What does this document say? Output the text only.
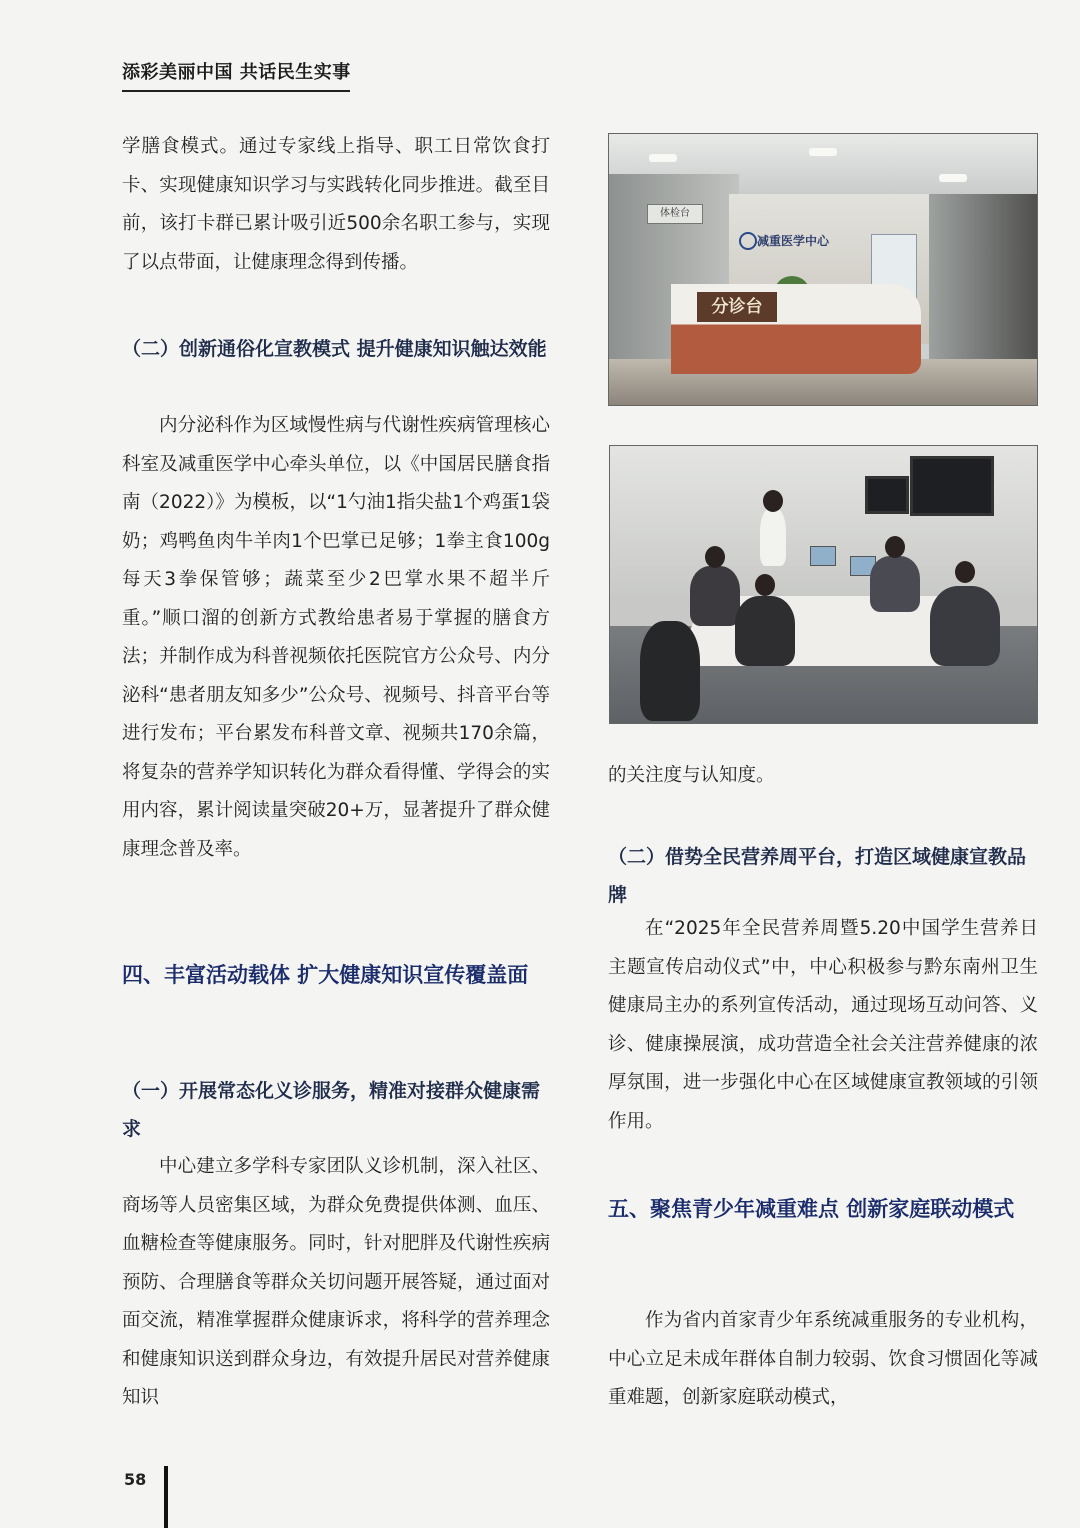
添彩美丽中国 共话民生实事

学膳食模式。通过专家线上指导、职工日常饮食打卡、实现健康知识学习与实践转化同步推进。截至目前，该打卡群已累计吸引近500余名职工参与，实现了以点带面，让健康理念得到传播。

（二）创新通俗化宣教模式 提升健康知识触达效能

内分泌科作为区域慢性病与代谢性疾病管理核心科室及减重医学中心牵头单位，以《中国居民膳食指南（2022）》为模板，以“1勺油1指尖盐1个鸡蛋1袋奶；鸡鸭鱼肉牛羊肉1个巴掌已足够；1拳主食100g每天3拳保管够；蔬菜至少2巴掌水果不超半斤重。”顺口溜的创新方式教给患者易于掌握的膳食方法；并制作成为科普视频依托医院官方公众号、内分泌科“患者朋友知多少”公众号、视频号、抖音平台等进行发布；平台累发布科普文章、视频共170余篇，将复杂的营养学知识转化为群众看得懂、学得会的实用内容，累计阅读量突破20+万，显著提升了群众健康理念普及率。

四、丰富活动载体 扩大健康知识宣传覆盖面
（一）开展常态化义诊服务，精准对接群众健康需求

中心建立多学科专家团队义诊机制，深入社区、商场等人员密集区域，为群众免费提供体测、血压、血糖检查等健康服务。同时，针对肥胖及代谢性疾病预防、合理膳食等群众关切问题开展答疑，通过面对面交流，精准掌握群众健康诉求，将科学的营养理念和健康知识送到群众身边，有效提升居民对营养健康知识

体检台
减重医学中心
分诊台

的关注度与认知度。

（二）借势全民营养周平台，打造区域健康宣教品牌

在“2025年全民营养周暨5.20中国学生营养日主题宣传启动仪式”中，中心积极参与黔东南州卫生健康局主办的系列宣传活动，通过现场互动问答、义诊、健康操展演，成功营造全社会关注营养健康的浓厚氛围，进一步强化中心在区域健康宣教领域的引领作用。

五、聚焦青少年减重难点 创新家庭联动模式

作为省内首家青少年系统减重服务的专业机构，中心立足未成年群体自制力较弱、饮食习惯固化等减重难题，创新家庭联动模式，

58
